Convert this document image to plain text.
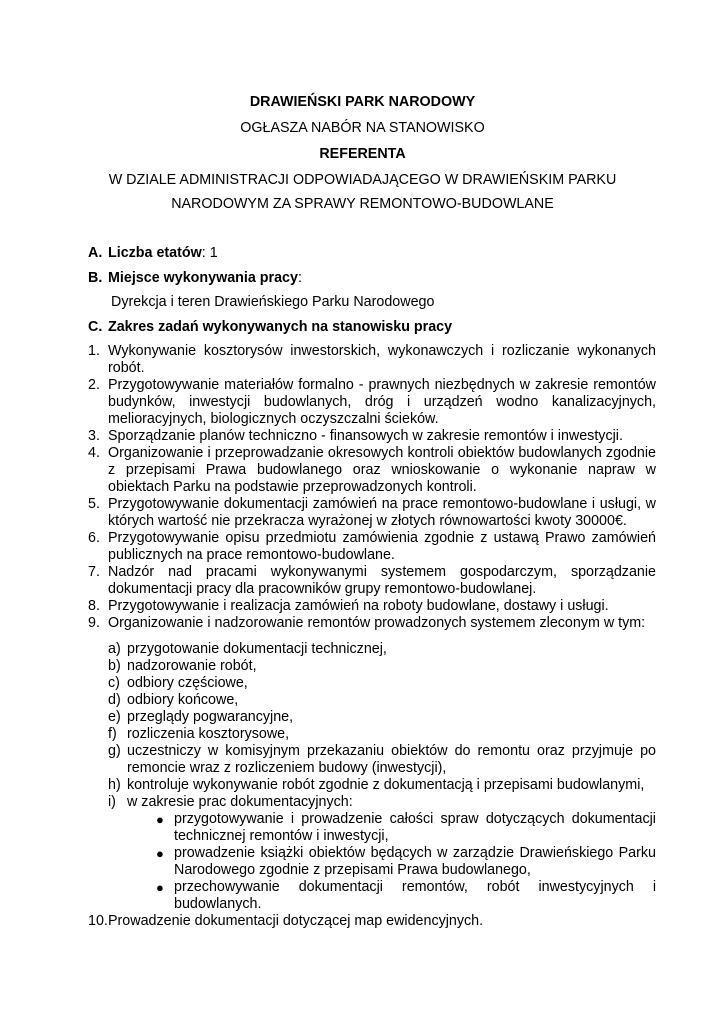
DRAWIEŃSKI PARK NARODOWY
OGŁASZA NABÓR NA STANOWISKO
REFERENTA
W DZIALE ADMINISTRACJI ODPOWIADAJĄCEGO W DRAWIEŃSKIM PARKU
NARODOWYM ZA SPRAWY REMONTOWO-BUDOWLANE
A. Liczba etatów: 1
B. Miejsce wykonywania pracy:
Dyrekcja i teren Drawieńskiego Parku Narodowego
C. Zakres zadań wykonywanych na stanowisku pracy
1. Wykonywanie kosztorysów inwestorskich, wykonawczych i rozliczanie wykonanych robót.
2. Przygotowywanie materiałów formalno - prawnych niezbędnych w zakresie remontów budynków, inwestycji budowlanych, dróg i urządzeń wodno kanalizacyjnych, melioracyjnych, biologicznych oczyszczalni ścieków.
3. Sporządzanie planów techniczno - finansowych w zakresie remontów i inwestycji.
4. Organizowanie i przeprowadzanie okresowych kontroli obiektów budowlanych zgodnie z przepisami Prawa budowlanego oraz wnioskowanie o wykonanie napraw w obiektach Parku na podstawie przeprowadzonych kontroli.
5. Przygotowywanie dokumentacji zamówień na prace remontowo-budowlane i usługi, w których wartość nie przekracza wyrażonej w złotych równowartości kwoty 30000€.
6. Przygotowywanie opisu przedmiotu zamówienia zgodnie z ustawą Prawo zamówień publicznych na prace remontowo-budowlane.
7. Nadzór nad pracami wykonywanymi systemem gospodarczym, sporządzanie dokumentacji pracy dla pracowników grupy remontowo-budowlanej.
8. Przygotowywanie i realizacja zamówień na roboty budowlane, dostawy i usługi.
9. Organizowanie i nadzorowanie remontów prowadzonych systemem zleconym w tym:
a) przygotowanie dokumentacji technicznej,
b) nadzorowanie robót,
c) odbiory częściowe,
d) odbiory końcowe,
e) przeglądy pogwarancyjne,
f) rozliczenia kosztorysowe,
g) uczestniczy w komisyjnym przekazaniu obiektów do remontu oraz przyjmuje po remoncie wraz z rozliczeniem budowy (inwestycji),
h) kontroluje wykonywanie robót zgodnie z dokumentacją i przepisami budowlanymi,
i) w zakresie prac dokumentacyjnych:
● przygotowywanie i prowadzenie całości spraw dotyczących dokumentacji technicznej remontów i inwestycji,
● prowadzenie książki obiektów będących w zarządzie Drawieńskiego Parku Narodowego zgodnie z przepisami Prawa budowlanego,
● przechowywanie dokumentacji remontów, robót inwestycyjnych i budowlanych.
10. Prowadzenie dokumentacji dotyczącej map ewidencyjnych.
